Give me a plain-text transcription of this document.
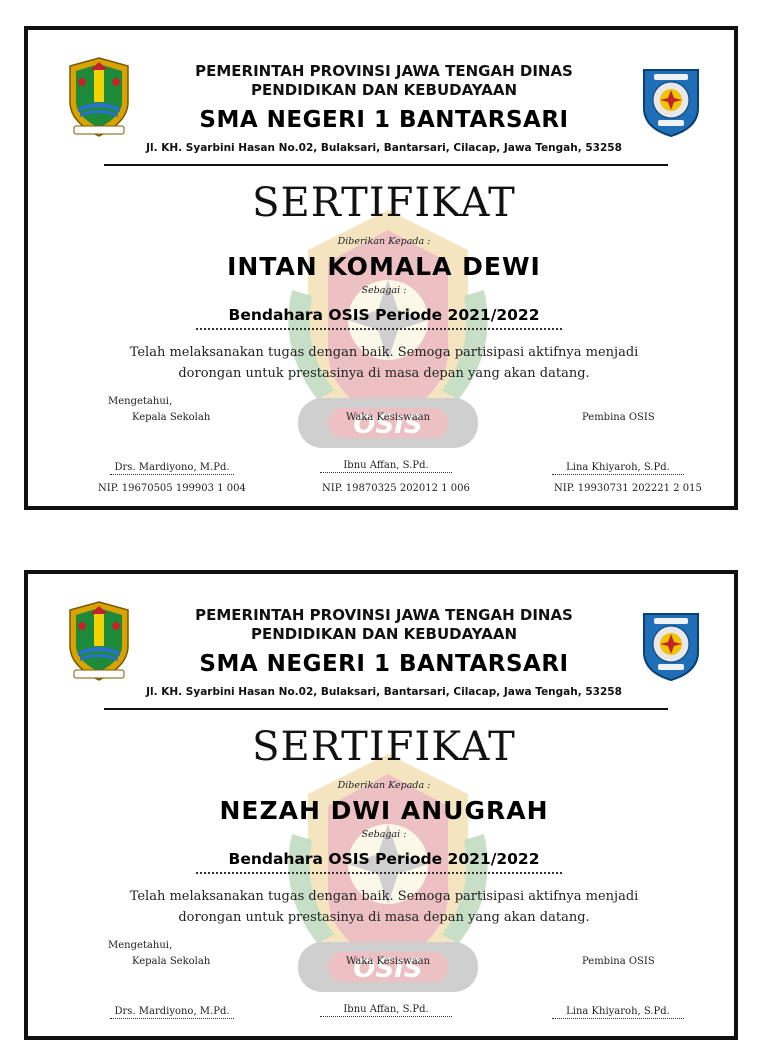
PEMERINTAH PROVINSI JAWA TENGAH DINAS
PENDIDIKAN DAN KEBUDAYAAN
SMA NEGERI 1 BANTARSARI
Jl. KH. Syarbini Hasan No.02, Bulaksari, Bantarsari, Cilacap, Jawa Tengah, 53258
SERTIFIKAT
Diberikan Kepada :
INTAN KOMALA DEWI
Sebagai :
Bendahara OSIS Periode 2021/2022
Telah melaksanakan tugas dengan baik. Semoga partisipasi aktifnya menjadi
dorongan untuk prestasinya di masa depan yang akan datang.
Mengetahui,
Kepala Sekolah	Waka Kesiswaan	Pembina OSIS
Drs. Mardiyono, M.Pd.	Ibnu Affan, S.Pd.	Lina Khiyaroh, S.Pd.
NIP. 19670505 199903 1 004	NIP. 19870325 202012 1 006	NIP. 19930731 202221 2 015
PEMERINTAH PROVINSI JAWA TENGAH DINAS
PENDIDIKAN DAN KEBUDAYAAN
SMA NEGERI 1 BANTARSARI
Jl. KH. Syarbini Hasan No.02, Bulaksari, Bantarsari, Cilacap, Jawa Tengah, 53258
SERTIFIKAT
Diberikan Kepada :
NEZAH DWI ANUGRAH
Sebagai :
Bendahara OSIS Periode 2021/2022
Telah melaksanakan tugas dengan baik. Semoga partisipasi aktifnya menjadi
dorongan untuk prestasinya di masa depan yang akan datang.
Mengetahui,
Kepala Sekolah	Waka Kesiswaan	Pembina OSIS
Drs. Mardiyono, M.Pd.	Ibnu Affan, S.Pd.	Lina Khiyaroh, S.Pd.
